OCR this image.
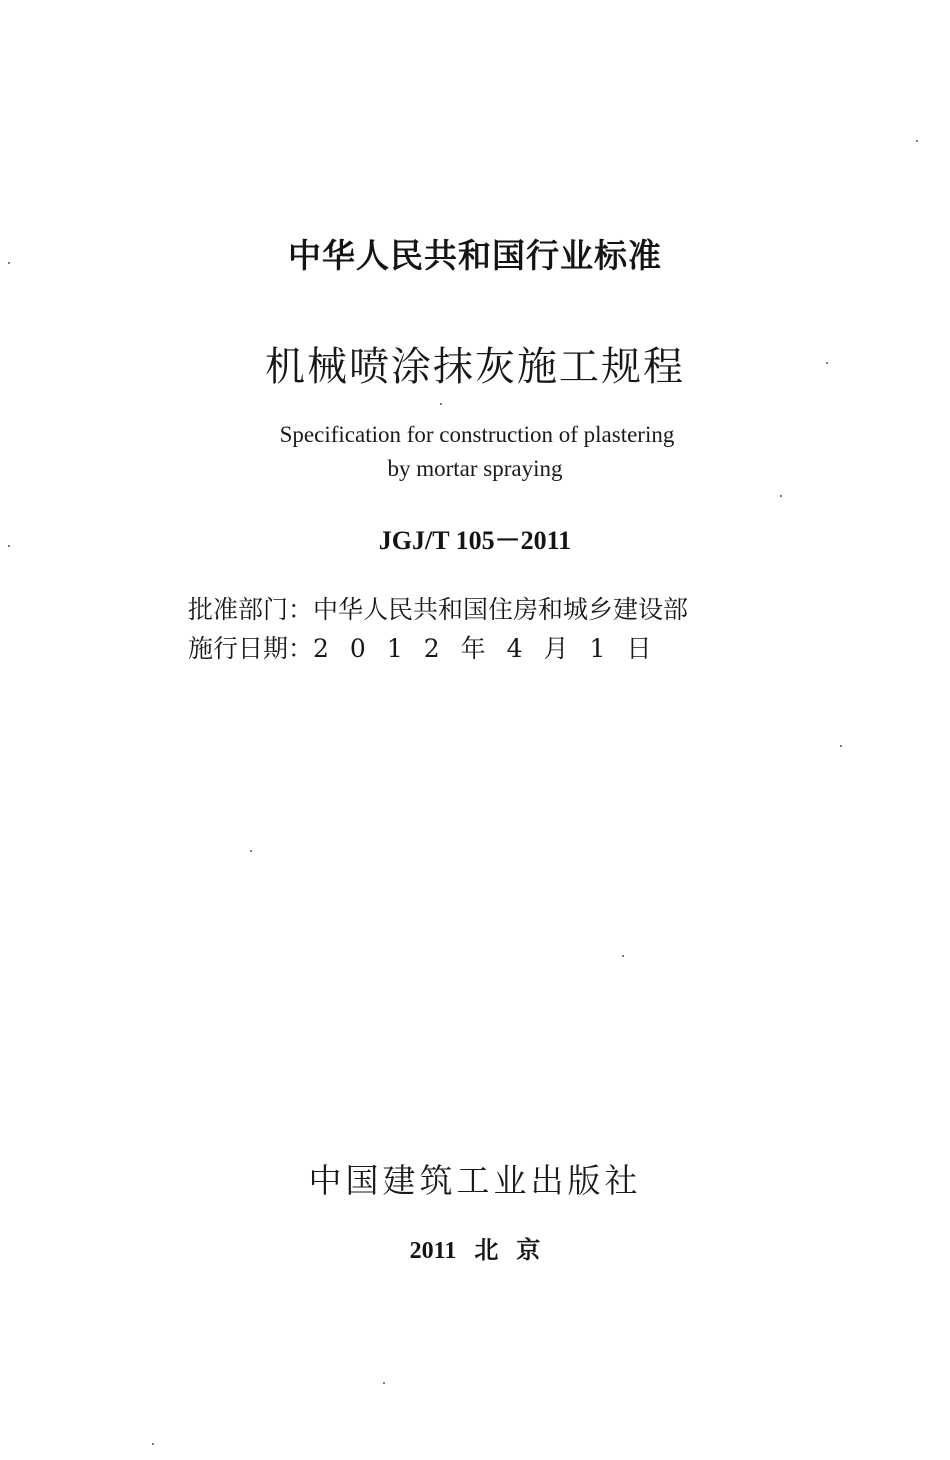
中华人民共和国行业标准
机械喷涂抹灰施工规程
Specification for construction of plastering
by mortar spraying
JGJ/T 105－2011
批准部门：中华人民共和国住房和城乡建设部
施行日期：2012年4月1日
中国建筑工业出版社
2011 北 京
